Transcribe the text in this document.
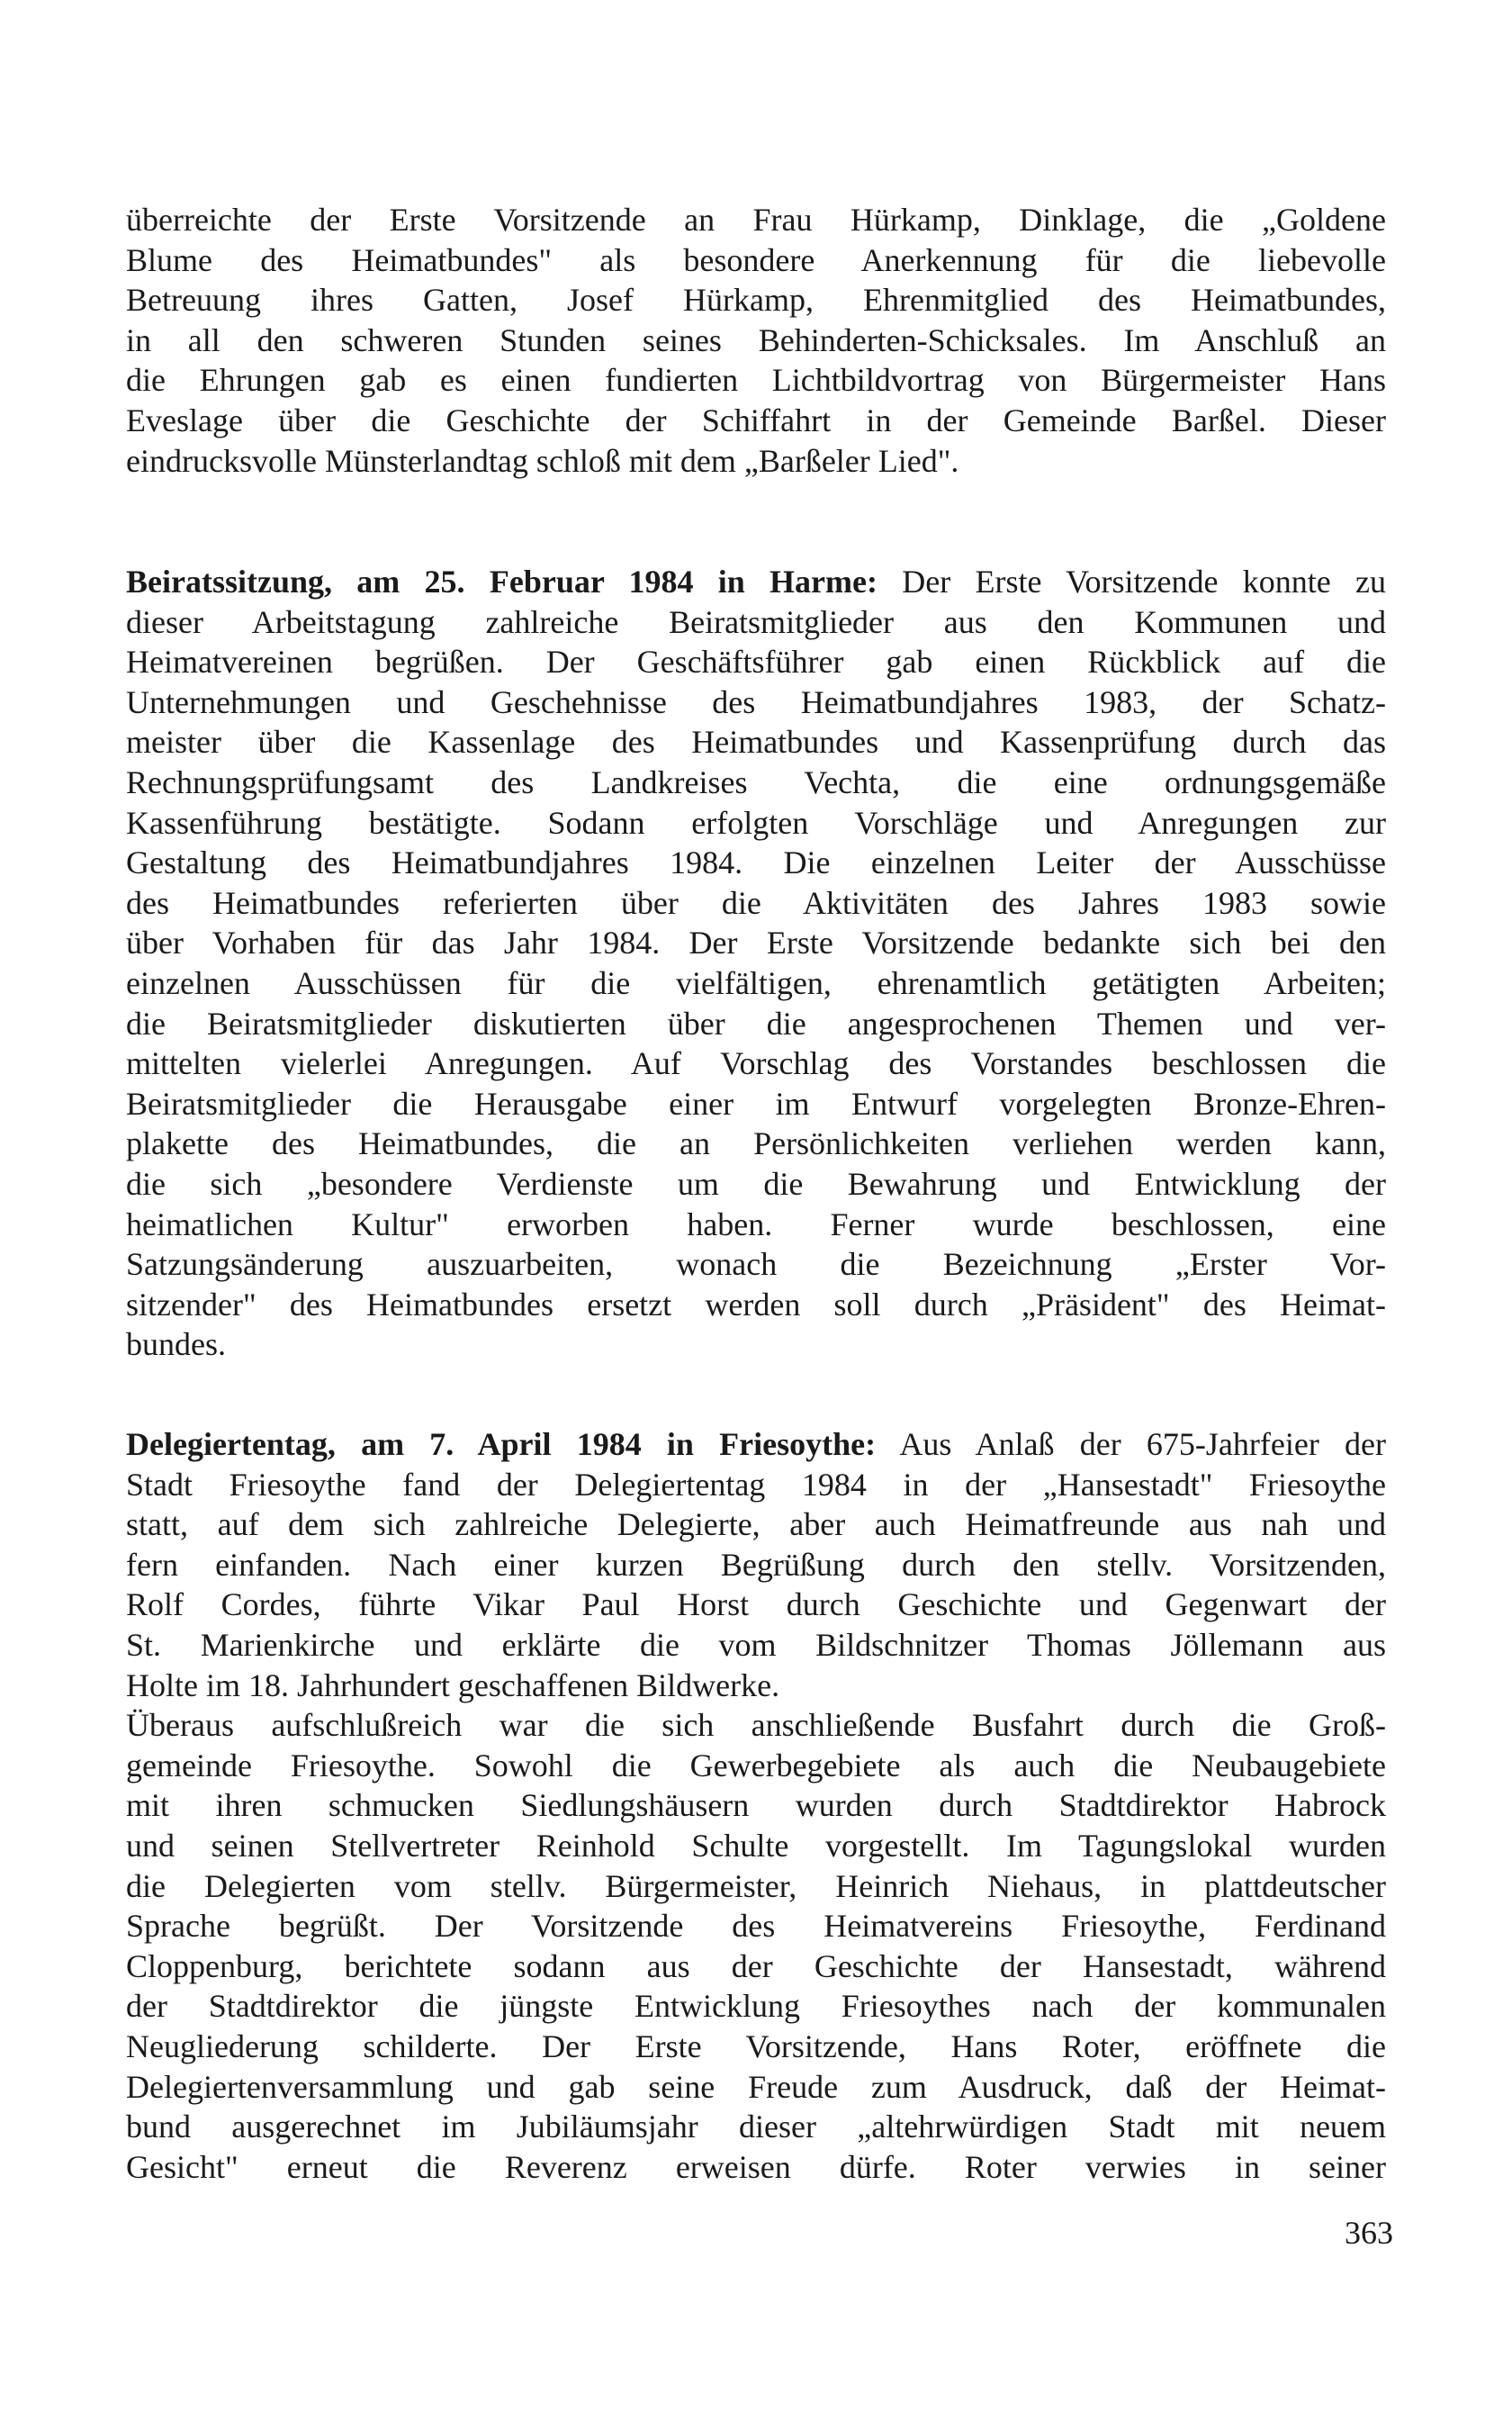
überreichte der Erste Vorsitzende an Frau Hürkamp, Dinklage, die „Goldene
Blume des Heimatbundes" als besondere Anerkennung für die liebevolle
Betreuung ihres Gatten, Josef Hürkamp, Ehrenmitglied des Heimatbundes,
in all den schweren Stunden seines Behinderten-Schicksales. Im Anschluß an
die Ehrungen gab es einen fundierten Lichtbildvortrag von Bürgermeister Hans
Eveslage über die Geschichte der Schiffahrt in der Gemeinde Barßel. Dieser
eindrucksvolle Münsterlandtag schloß mit dem „Barßeler Lied".
Beiratssitzung, am 25. Februar 1984 in Harme: Der Erste Vorsitzende konnte zu
dieser Arbeitstagung zahlreiche Beiratsmitglieder aus den Kommunen und
Heimatvereinen begrüßen. Der Geschäftsführer gab einen Rückblick auf die
Unternehmungen und Geschehnisse des Heimatbundjahres 1983, der Schatz-
meister über die Kassenlage des Heimatbundes und Kassenprüfung durch das
Rechnungsprüfungsamt des Landkreises Vechta, die eine ordnungsgemäße
Kassenführung bestätigte. Sodann erfolgten Vorschläge und Anregungen zur
Gestaltung des Heimatbundjahres 1984. Die einzelnen Leiter der Ausschüsse
des Heimatbundes referierten über die Aktivitäten des Jahres 1983 sowie
über Vorhaben für das Jahr 1984. Der Erste Vorsitzende bedankte sich bei den
einzelnen Ausschüssen für die vielfältigen, ehrenamtlich getätigten Arbeiten;
die Beiratsmitglieder diskutierten über die angesprochenen Themen und ver-
mittelten vielerlei Anregungen. Auf Vorschlag des Vorstandes beschlossen die
Beiratsmitglieder die Herausgabe einer im Entwurf vorgelegten Bronze-Ehren-
plakette des Heimatbundes, die an Persönlichkeiten verliehen werden kann,
die sich „besondere Verdienste um die Bewahrung und Entwicklung der
heimatlichen Kultur" erworben haben. Ferner wurde beschlossen, eine
Satzungsänderung auszuarbeiten, wonach die Bezeichnung „Erster Vor-
sitzender" des Heimatbundes ersetzt werden soll durch „Präsident" des Heimat-
bundes.
Delegiertentag, am 7. April 1984 in Friesoythe: Aus Anlaß der 675-Jahrfeier der
Stadt Friesoythe fand der Delegiertentag 1984 in der „Hansestadt" Friesoythe
statt, auf dem sich zahlreiche Delegierte, aber auch Heimatfreunde aus nah und
fern einfanden. Nach einer kurzen Begrüßung durch den stellv. Vorsitzenden,
Rolf Cordes, führte Vikar Paul Horst durch Geschichte und Gegenwart der
St. Marienkirche und erklärte die vom Bildschnitzer Thomas Jöllemann aus
Holte im 18. Jahrhundert geschaffenen Bildwerke.
Überaus aufschlußreich war die sich anschließende Busfahrt durch die Groß-
gemeinde Friesoythe. Sowohl die Gewerbegebiete als auch die Neubaugebiete
mit ihren schmucken Siedlungshäusern wurden durch Stadtdirektor Habrock
und seinen Stellvertreter Reinhold Schulte vorgestellt. Im Tagungslokal wurden
die Delegierten vom stellv. Bürgermeister, Heinrich Niehaus, in plattdeutscher
Sprache begrüßt. Der Vorsitzende des Heimatvereins Friesoythe, Ferdinand
Cloppenburg, berichtete sodann aus der Geschichte der Hansestadt, während
der Stadtdirektor die jüngste Entwicklung Friesoythes nach der kommunalen
Neugliederung schilderte. Der Erste Vorsitzende, Hans Roter, eröffnete die
Delegiertenversammlung und gab seine Freude zum Ausdruck, daß der Heimat-
bund ausgerechnet im Jubiläumsjahr dieser „altehrwürdigen Stadt mit neuem
Gesicht" erneut die Reverenz erweisen dürfe. Roter verwies in seiner
363
